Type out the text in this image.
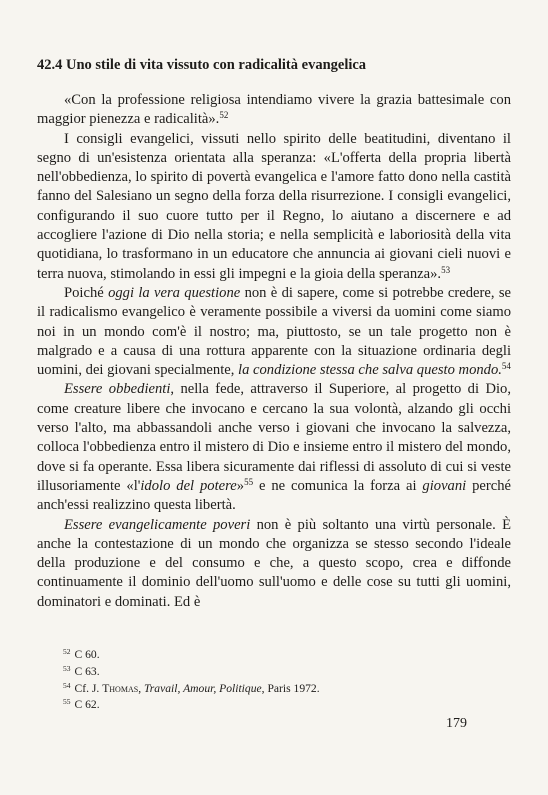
42.4 Uno stile di vita vissuto con radicalità evangelica

«Con la professione religiosa intendiamo vivere la grazia battesimale con maggior pienezza e radicalità».$^{52}$

I consigli evangelici, vissuti nello spirito delle beatitudini, diventano il segno di un'esistenza orientata alla speranza: «L'offerta della propria libertà nell'obbedienza, lo spirito di povertà evangelica e l'amore fatto dono nella castità fanno del Salesiano un segno della forza della risurrezione. I consigli evangelici, configurando il suo cuore tutto per il Regno, lo aiutano a discernere e ad accogliere l'azione di Dio nella storia; e nella semplicità e laboriosità della vita quotidiana, lo trasformano in un educatore che annuncia ai giovani cieli nuovi e terra nuova, stimolando in essi gli impegni e la gioia della speranza».$^{53}$

Poiché oggi la vera questione non è di sapere, come si potrebbe credere, se il radicalismo evangelico è veramente possibile a viversi da uomini come siamo noi in un mondo com'è il nostro; ma, piuttosto, se un tale progetto non è malgrado e a causa di una rottura apparente con la situazione ordinaria degli uomini, dei giovani specialmente, la condizione stessa che salva questo mondo.$^{54}$

Essere obbedienti, nella fede, attraverso il Superiore, al progetto di Dio, come creature libere che invocano e cercano la sua volontà, alzando gli occhi verso l'alto, ma abbassandoli anche verso i giovani che invocano la salvezza, colloca l'obbedienza entro il mistero di Dio e insieme entro il mistero del mondo, dove si fa operante. Essa libera sicuramente dai riflessi di assoluto di cui si veste illusoriamente «l'idolo del potere»$^{55}$ e ne comunica la forza ai giovani perché anch'essi realizzino questa libertà.

Essere evangelicamente poveri non è più soltanto una virtù personale. È anche la contestazione di un mondo che organizza se stesso secondo l'ideale della produzione e del consumo e che, a questo scopo, crea e diffonde continuamente il dominio dell'uomo sull'uomo e delle cose su tutti gli uomini, dominatori e dominati. Ed è

$^{52}$ C 60.
$^{53}$ C 63.
$^{54}$ Cf. J. Thomas, Travail, Amour, Politique, Paris 1972.
$^{55}$ C 62.
179
